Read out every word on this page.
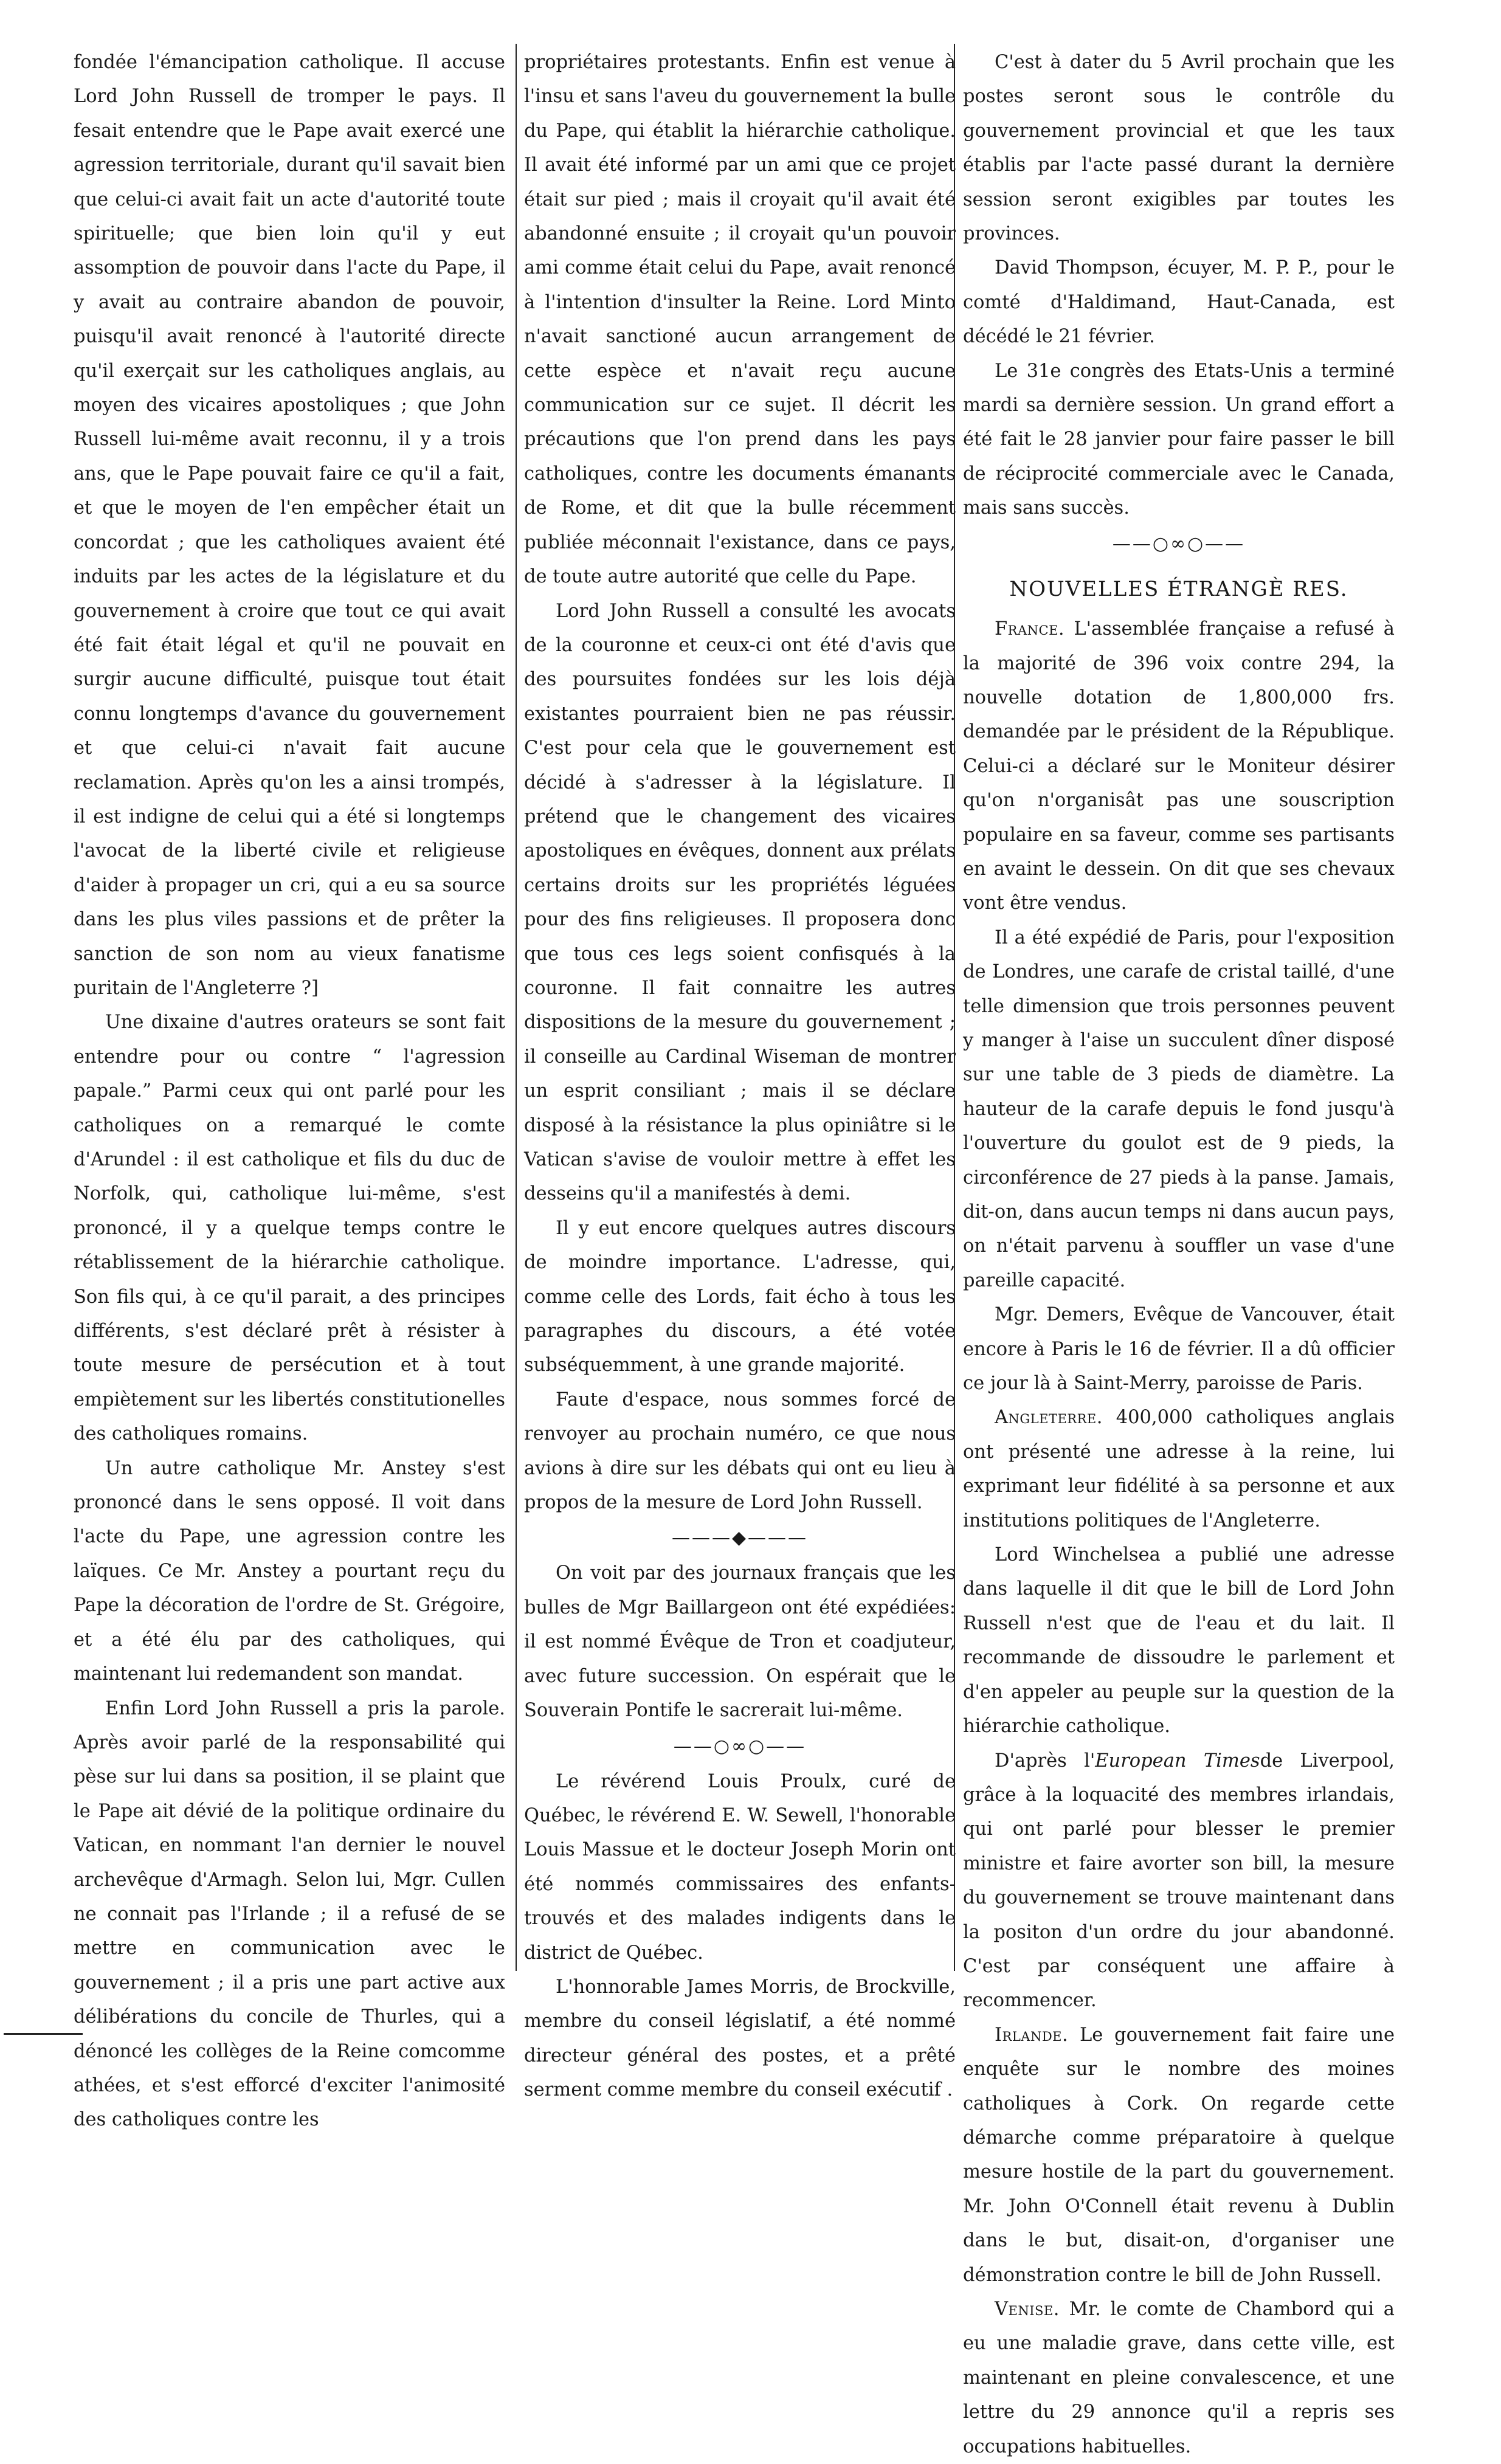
fondée l'émancipation catholique. Il accuse Lord John Russell de tromper le pays. Il fesait entendre que le Pape avait exercé une agression territoriale, durant qu'il savait bien que celui-ci avait fait un acte d'autorité toute spirituelle; que bien loin qu'il y eut assomption de pouvoir dans l'acte du Pape, il y avait au contraire abandon de pouvoir, puisqu'il avait renoncé à l'autorité directe qu'il exerçait sur les catholiques anglais, au moyen des vicaires apostoliques ; que John Russell lui-même avait reconnu, il y a trois ans, que le Pape pouvait faire ce qu'il a fait, et que le moyen de l'en empêcher était un concordat ; que les catholiques avaient été induits par les actes de la législature et du gouvernement à croire que tout ce qui avait été fait était légal et qu'il ne pouvait en surgir aucune difficulté, puisque tout était connu longtemps d'avance du gouvernement et que celui-ci n'avait fait aucune reclamation. Après qu'on les a ainsi trompés, il est indigne de celui qui a été si longtemps l'avocat de la liberté civile et religieuse d'aider à propager un cri, qui a eu sa source dans les plus viles passions et de prêter la sanction de son nom au vieux fanatisme puritain de l'Angleterre ?]

Une dixaine d'autres orateurs se sont fait entendre pour ou contre “ l'agression papale.” Parmi ceux qui ont parlé pour les catholiques on a remarqué le comte d'Arundel : il est catholique et fils du duc de Norfolk, qui, catholique lui-même, s'est prononcé, il y a quelque temps contre le rétablissement de la hiérarchie catholique. Son fils qui, à ce qu'il parait, a des principes différents, s'est déclaré prêt à résister à toute mesure de persécution et à tout empiètement sur les libertés constitutionelles des catholiques romains.

Un autre catholique Mr. Anstey s'est prononcé dans le sens opposé. Il voit dans l'acte du Pape, une agression contre les laïques. Ce Mr. Anstey a pourtant reçu du Pape la décoration de l'ordre de St. Grégoire, et a été élu par des catholiques, qui maintenant lui redemandent son mandat.

Enfin Lord John Russell a pris la parole. Après avoir parlé de la responsabilité qui pèse sur lui dans sa position, il se plaint que le Pape ait dévié de la politique ordinaire du Vatican, en nommant l'an dernier le nouvel archevêque d'Armagh. Selon lui, Mgr. Cullen ne connait pas l'Irlande ; il a refusé de se mettre en communication avec le gouvernement ; il a pris une part active aux délibérations du concile de Thurles, qui a dénoncé les collèges de la Reine comcomme athées, et s'est efforcé d'exciter l'animosité des catholiques contre les

propriétaires protestants. Enfin est venue à l'insu et sans l'aveu du gouvernement la bulle du Pape, qui établit la hiérarchie catholique. Il avait été informé par un ami que ce projet était sur pied ; mais il croyait qu'il avait été abandonné ensuite ; il croyait qu'un pouvoir ami comme était celui du Pape, avait renoncé à l'intention d'insulter la Reine. Lord Minto n'avait sanctioné aucun arrangement de cette espèce et n'avait reçu aucune communication sur ce sujet. Il décrit les précautions que l'on prend dans les pays catholiques, contre les documents émanants de Rome, et dit que la bulle récemment publiée méconnait l'existance, dans ce pays, de toute autre autorité que celle du Pape.

Lord John Russell a consulté les avocats de la couronne et ceux-ci ont été d'avis que des poursuites fondées sur les lois déjà existantes pourraient bien ne pas réussir. C'est pour cela que le gouvernement est décidé à s'adresser à la législature. Il prétend que le changement des vicaires apostoliques en évêques, donnent aux prélats certains droits sur les propriétés léguées pour des fins religieuses. Il proposera donc que tous ces legs soient confisqués à la couronne. Il fait connaitre les autres dispositions de la mesure du gouvernement ; il conseille au Cardinal Wiseman de montrer un esprit consiliant ; mais il se déclare disposé à la résistance la plus opiniâtre si le Vatican s'avise de vouloir mettre à effet les desseins qu'il a manifestés à demi.

Il y eut encore quelques autres discours de moindre importance. L'adresse, qui, comme celle des Lords, fait écho à tous les paragraphes du discours, a été votée subséquemment, à une grande majorité.

Faute d'espace, nous sommes forcé de renvoyer au prochain numéro, ce que nous avions à dire sur les débats qui ont eu lieu à propos de la mesure de Lord John Russell.

———◆———

On voit par des journaux français que les bulles de Mgr Baillargeon ont été expédiées: il est nommé Évêque de Tron et coadjuteur, avec future succession. On espérait que le Souverain Pontife le sacrerait lui-même.

——○∞○——

Le révérend Louis Proulx, curé de Québec, le révérend E. W. Sewell, l'honorable Louis Massue et le docteur Joseph Morin ont été nommés commissaires des enfants-trouvés et des malades indigents dans le district de Québec.

L'honnorable James Morris, de Brockville, membre du conseil législatif, a été nommé directeur général des postes, et a prêté serment comme membre du conseil exécutif .

C'est à dater du 5 Avril prochain que les postes seront sous le contrôle du gouvernement provincial et que les taux établis par l'acte passé durant la dernière session seront exigibles par toutes les provinces.

David Thompson, écuyer, M. P. P., pour le comté d'Haldimand, Haut-Canada, est décédé le 21 février.

Le 31e congrès des Etats-Unis a terminé mardi sa dernière session. Un grand effort a été fait le 28 janvier pour faire passer le bill de réciprocité commerciale avec le Canada, mais sans succès.

——○∞○——
NOUVELLES ÉTRANGÈ RES.

France. L'assemblée française a refusé à la majorité de 396 voix contre 294, la nouvelle dotation de 1,800,000 frs. demandée par le président de la République. Celui-ci a déclaré sur le Moniteur désirer qu'on n'organisât pas une souscription populaire en sa faveur, comme ses partisants en avaint le dessein. On dit que ses chevaux vont être vendus.

Il a été expédié de Paris, pour l'exposition de Londres, une carafe de cristal taillé, d'une telle dimension que trois personnes peuvent y manger à l'aise un succulent dîner disposé sur une table de 3 pieds de diamètre. La hauteur de la carafe depuis le fond jusqu'à l'ouverture du goulot est de 9 pieds, la circonférence de 27 pieds à la panse. Jamais, dit-on, dans aucun temps ni dans aucun pays, on n'était parvenu à souffler un vase d'une pareille capacité.

Mgr. Demers, Evêque de Vancouver, était encore à Paris le 16 de février. Il a dû officier ce jour là à Saint-Merry, paroisse de Paris.

Angleterre. 400,000 catholiques anglais ont présenté une adresse à la reine, lui exprimant leur fidélité à sa personne et aux institutions politiques de l'Angleterre.

Lord Winchelsea a publié une adresse dans laquelle il dit que le bill de Lord John Russell n'est que de l'eau et du lait. Il recommande de dissoudre le parlement et d'en appeler au peuple sur la question de la hiérarchie catholique.

D'après l'European Timesde Liverpool, grâce à la loquacité des membres irlandais, qui ont parlé pour blesser le premier ministre et faire avorter son bill, la mesure du gouvernement se trouve maintenant dans la positon d'un ordre du jour abandonné. C'est par conséquent une affaire à recommencer.

Irlande. Le gouvernement fait faire une enquête sur le nombre des moines catholiques à Cork. On regarde cette démarche comme préparatoire à quelque mesure hostile de la part du gouvernement. Mr. John O'Connell était revenu à Dublin dans le but, disait-on, d'organiser une démonstration contre le bill de John Russell.

Venise. Mr. le comte de Chambord qui a eu une maladie grave, dans cette ville, est maintenant en pleine convalescence, et une lettre du 29 annonce qu'il a repris ses occupations habituelles.
